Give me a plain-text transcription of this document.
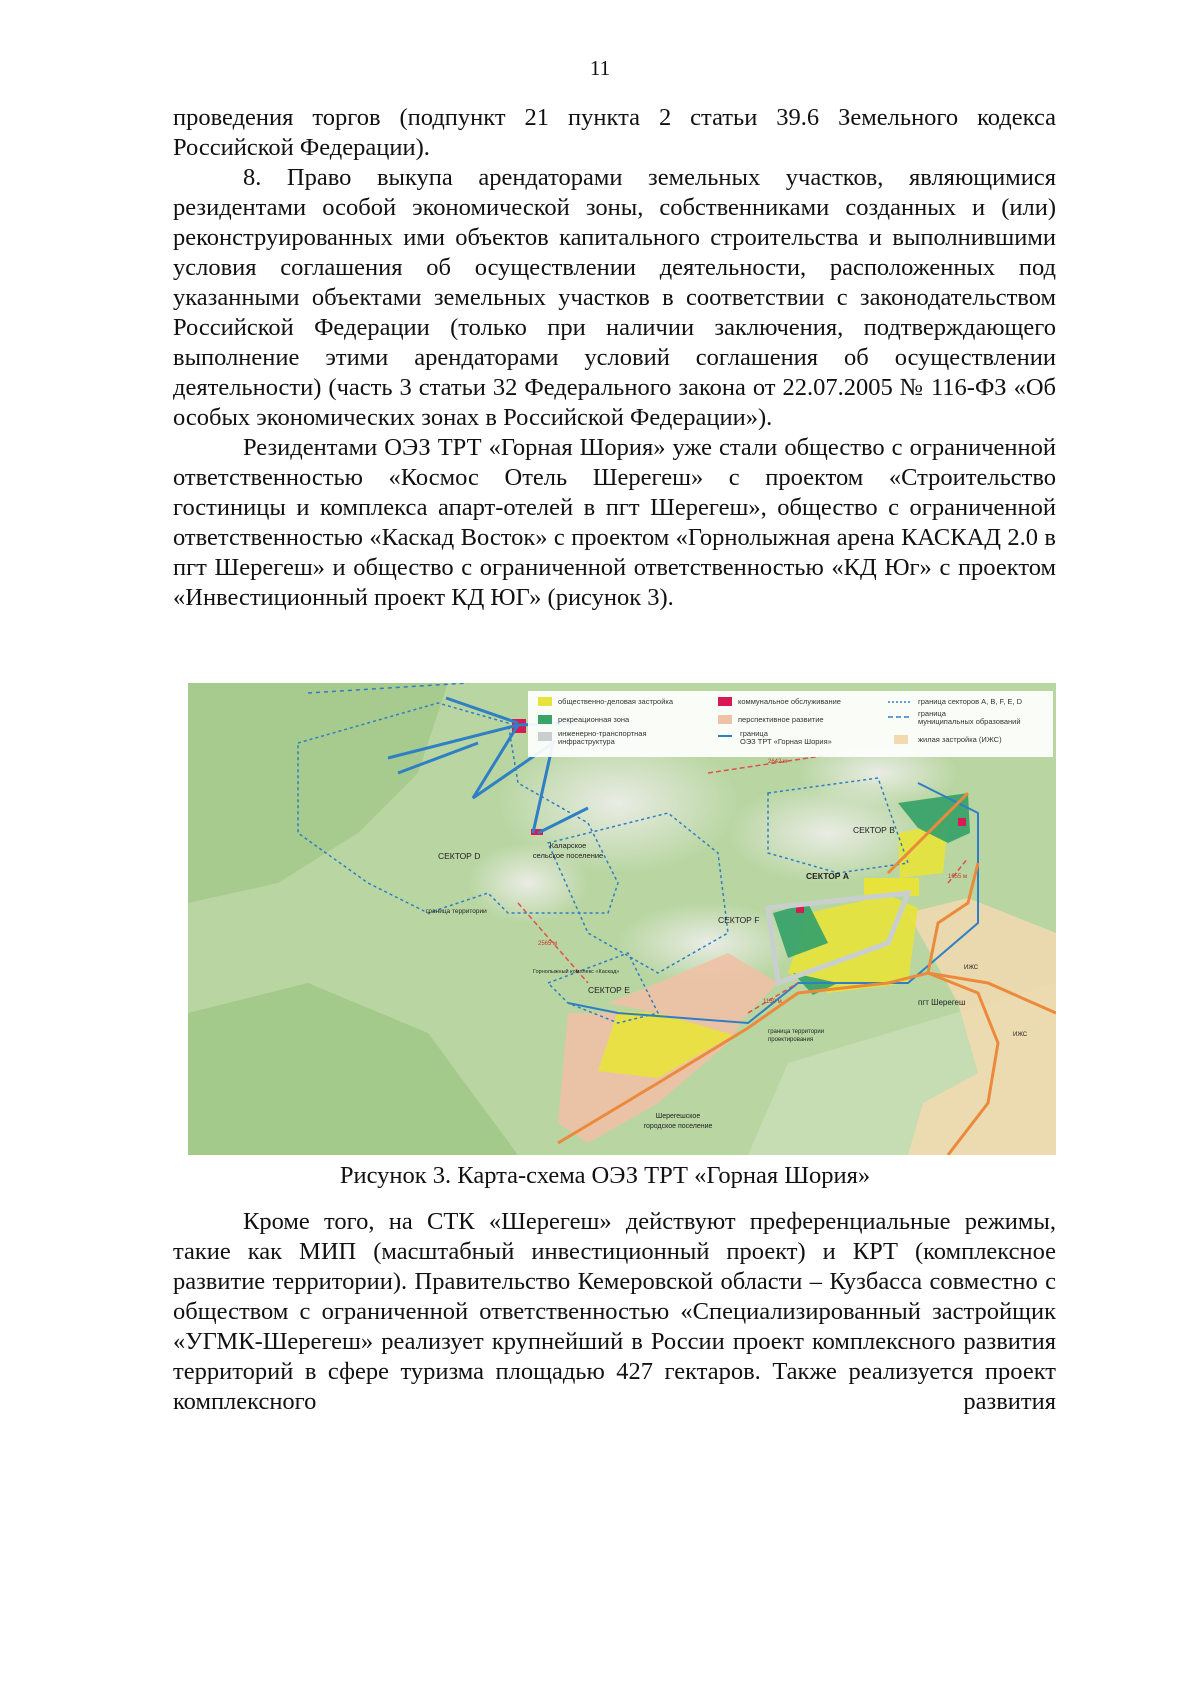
11

проведения торгов (подпункт 21 пункта 2 статьи 39.6 Земельного кодекса Российской Федерации).

8. Право выкупа арендаторами земельных участков, являющимися резидентами особой экономической зоны, собственниками созданных и (или) реконструированных ими объектов капитального строительства и выполнившими условия соглашения об осуществлении деятельности, расположенных под указанными объектами земельных участков в соответствии с законодательством Российской Федерации (только при наличии заключения, подтверждающего выполнение этими арендаторами условий соглашения об осуществлении деятельности) (часть 3 статьи 32 Федерального закона от 22.07.2005 № 116-ФЗ «Об особых экономических зонах в Российской Федерации»).

Резидентами ОЭЗ ТРТ «Горная Шория» уже стали общество с ограниченной ответственностью «Космос Отель Шерегеш» с проектом «Строительство гостиницы и комплекса апарт-отелей в пгт Шерегеш», общество с ограниченной ответственностью «Каскад Восток» с проектом «Горнолыжная арена КАСКАД 2.0 в пгт Шерегеш» и общество с ограниченной ответственностью «КД Юг» с проектом «Инвестиционный проект КД ЮГ» (рисунок 3).

общественно-деловая застройка
рекреационная зона
инженерно-транспортная
инфраструктура
коммунальное обслуживание
перспективное развитие
граница
ОЭЗ ТРТ «Горная Шория»
граница секторов A, B, F, E, D
граница
муниципальных образований
жилая застройка (ИЖС)
СЕКТОР D
СЕКТОР B
СЕКТОР A
СЕКТОР F
СЕКТОР E
Каларское
сельское поселение
граница территории
Горнолыжный комплекс «Каскад»
граница территории
проектирования
пгт Шерегеш
Шерегешское
городское поселение
ИЖС
ИЖС
2642 м
1655 м
2565 м
1150 м
Рисунок 3. Карта-схема ОЭЗ ТРТ «Горная Шория»

Кроме того, на СТК «Шерегеш» действуют преференциальные режимы, такие как МИП (масштабный инвестиционный проект) и КРТ (комплексное развитие территории). Правительство Кемеровской области – Кузбасса совместно с обществом с ограниченной ответственностью «Специализированный застройщик «УГМК-Шерегеш» реализует крупнейший в России проект комплексного развития территорий в сфере туризма площадью 427 гектаров. Также реализуется проект комплексного развития
